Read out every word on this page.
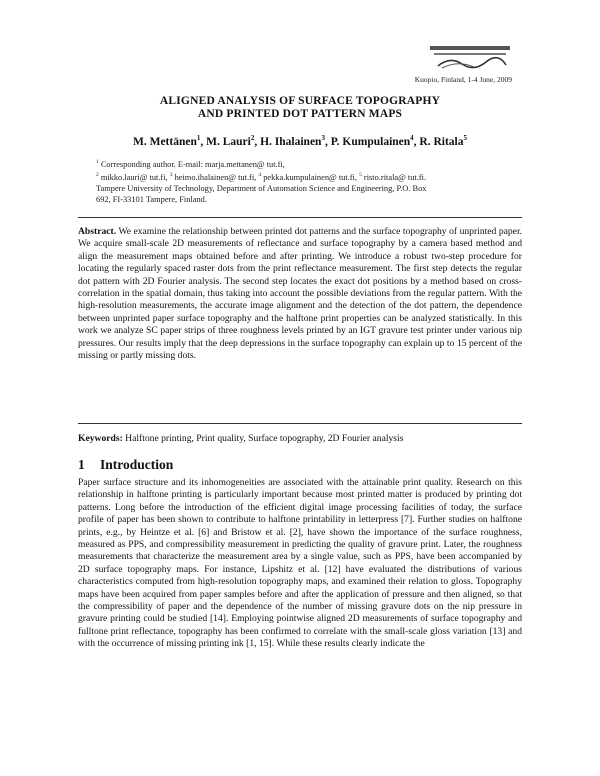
Kuopio, Finland, 1-4 June, 2009
ALIGNED ANALYSIS OF SURFACE TOPOGRAPHY
AND PRINTED DOT PATTERN MAPS
M. Mettänen$^1$, M. Lauri$^2$, H. Ihalainen$^3$, P. Kumpulainen$^4$, R. Ritala$^5$
$^1$ Corresponding author. E-mail: marja.mettanen@ tut.fi,
$^2$ mikko.lauri@ tut.fi, $^3$ heimo.ihalainen@ tut.fi, $^4$ pekka.kumpulainen@ tut.fi, $^5$ risto.ritala@ tut.fi.
Tampere University of Technology, Department of Automation Science and Engineering, P.O. Box
692, FI-33101 Tampere, Finland.
Abstract. We examine the relationship between printed dot patterns and the surface topography of unprinted paper. We acquire small-scale 2D measurements of reflectance and surface topography by a camera based method and align the measurement maps obtained before and after printing. We introduce a robust two-step procedure for locating the regularly spaced raster dots from the print reflectance measurement. The first step detects the regular dot pattern with 2D Fourier analysis. The second step locates the exact dot positions by a method based on cross-correlation in the spatial domain, thus taking into account the possible deviations from the regular pattern. With the high-resolution measurements, the accurate image alignment and the detection of the dot pattern, the dependence between unprinted paper surface topography and the halftone print properties can be analyzed statistically. In this work we analyze SC paper strips of three roughness levels printed by an IGT gravure test printer under various nip pressures. Our results imply that the deep depressions in the surface topography can explain up to 15 percent of the missing or partly missing dots.
Keywords: Halftone printing, Print quality, Surface topography, 2D Fourier analysis
1 Introduction
Paper surface structure and its inhomogeneities are associated with the attainable print quality. Research on this relationship in halftone printing is particularly important because most printed matter is produced by printing dot patterns. Long before the introduction of the efficient digital image processing facilities of today, the surface profile of paper has been shown to contribute to halftone printability in letterpress [7]. Further studies on halftone prints, e.g., by Heintze et al. [6] and Bristow et al. [2], have shown the importance of the surface roughness, measured as PPS, and compressibility measurement in predicting the quality of gravure print. Later, the roughness measurements that characterize the measurement area by a single value, such as PPS, have been accompanied by 2D surface topography maps. For instance, Lipshitz et al. [12] have evaluated the distributions of various characteristics computed from high-resolution topography maps, and examined their relation to gloss. Topography maps have been acquired from paper samples before and after the application of pressure and then aligned, so that the compressibility of paper and the dependence of the number of missing gravure dots on the nip pressure in gravure printing could be studied [14]. Employing pointwise aligned 2D measurements of surface topography and fulltone print reflectance, topography has been confirmed to correlate with the small-scale gloss variation [13] and with the occurrence of missing printing ink [1, 15]. While these results clearly indicate the
